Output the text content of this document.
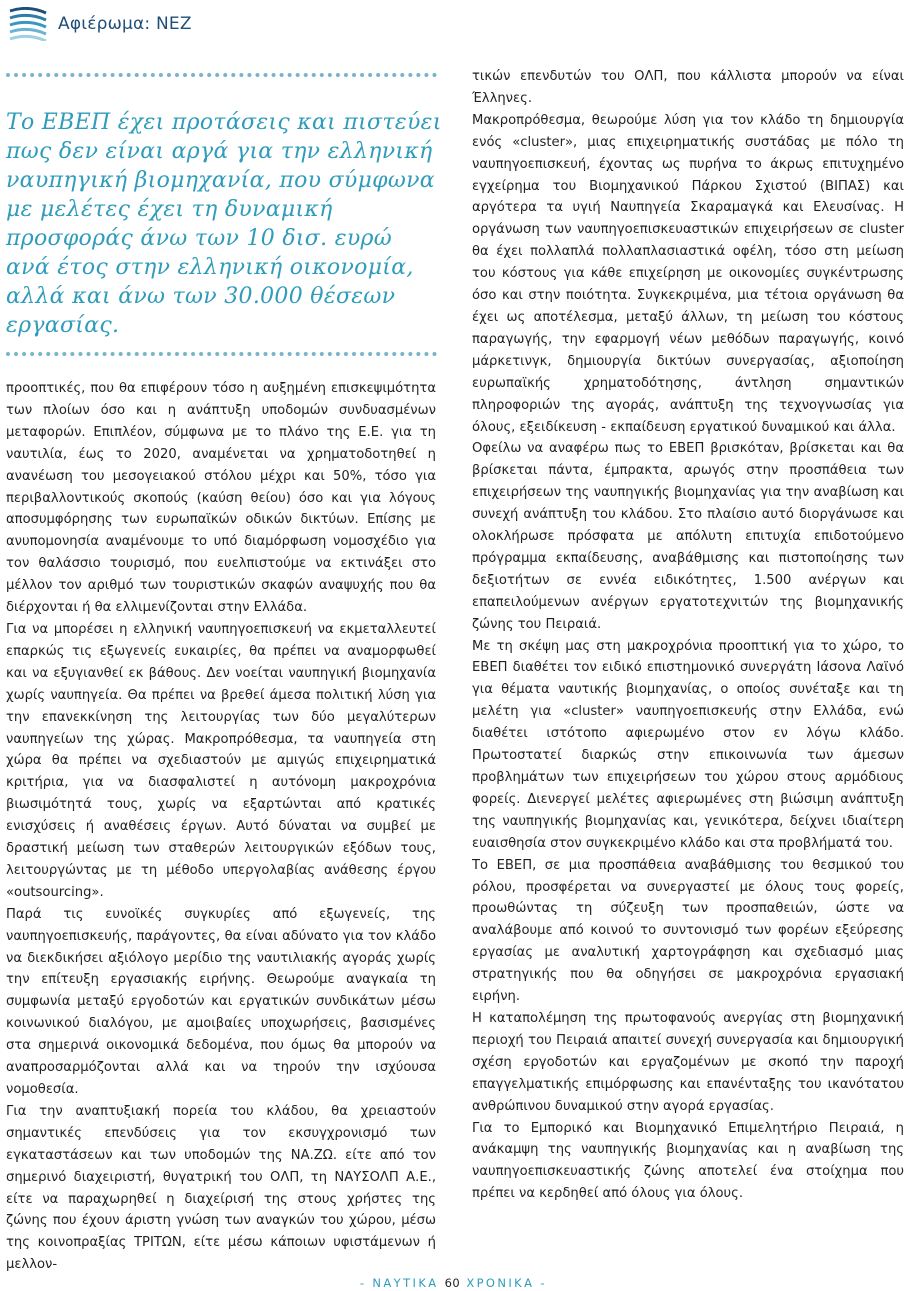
Αφιέρωμα: ΝΕΖ
Το ΕΒΕΠ έχει προτάσεις και πιστεύει πως δεν είναι αργά για την ελληνική ναυπηγική βιομηχανία, που σύμφωνα με μελέτες έχει τη δυναμική προσφοράς άνω των 10 δισ. ευρώ ανά έτος στην ελληνική οικονομία, αλλά και άνω των 30.000 θέσεων εργασίας.

προοπτικές, που θα επιφέρουν τόσο η αυξημένη επισκεψιμότητα των πλοίων όσο και η ανάπτυξη υποδομών συνδυασμένων μεταφορών. Επιπλέον, σύμφωνα με το πλάνο της Ε.Ε. για τη ναυτιλία, έως το 2020, αναμένεται να χρηματοδοτηθεί η ανανέωση του μεσογειακού στόλου μέχρι και 50%, τόσο για περιβαλλοντικούς σκοπούς (καύση θείου) όσο και για λόγους αποσυμφόρησης των ευρωπαϊκών οδικών δικτύων. Επίσης με ανυπομονησία αναμένουμε το υπό διαμόρφωση νομοσχέδιο για τον θαλάσσιο τουρισμό, που ευελπιστούμε να εκτινάξει στο μέλλον τον αριθμό των τουριστικών σκαφών αναψυχής που θα διέρχονται ή θα ελλιμενίζονται στην Ελλάδα.

Για να μπορέσει η ελληνική ναυπηγοεπισκευή να εκμεταλλευτεί επαρκώς τις εξωγενείς ευκαιρίες, θα πρέπει να αναμορφωθεί και να εξυγιανθεί εκ βάθους. Δεν νοείται ναυπηγική βιομηχανία χωρίς ναυπηγεία. Θα πρέπει να βρεθεί άμεσα πολιτική λύση για την επανεκκίνηση της λειτουργίας των δύο μεγαλύτερων ναυπηγείων της χώρας. Μακροπρόθεσμα, τα ναυπηγεία στη χώρα θα πρέπει να σχεδιαστούν με αμιγώς επιχειρηματικά κριτήρια, για να διασφαλιστεί η αυτόνομη μακροχρόνια βιωσιμότητά τους, χωρίς να εξαρτώνται από κρατικές ενισχύσεις ή αναθέσεις έργων. Αυτό δύναται να συμβεί με δραστική μείωση των σταθερών λειτουργικών εξόδων τους, λειτουργώντας με τη μέθοδο υπεργολαβίας ανάθεσης έργου «outsourcing».

Παρά τις ευνοϊκές συγκυρίες από εξωγενείς, της ναυπηγοεπισκευής, παράγοντες, θα είναι αδύνατο για τον κλάδο να διεκδικήσει αξιόλογο μερίδιο της ναυτιλιακής αγοράς χωρίς την επίτευξη εργασιακής ειρήνης. Θεωρούμε αναγκαία τη συμφωνία μεταξύ εργοδοτών και εργατικών συνδικάτων μέσω κοινωνικού διαλόγου, με αμοιβαίες υποχωρήσεις, βασισμένες στα σημερινά οικονομικά δεδομένα, που όμως θα μπορούν να αναπροσαρμόζονται αλλά και να τηρούν την ισχύουσα νομοθεσία.

Για την αναπτυξιακή πορεία του κλάδου, θα χρειαστούν σημαντικές επενδύσεις για τον εκσυγχρονισμό των εγκαταστάσεων και των υποδομών της ΝΑ.ΖΩ. είτε από τον σημερινό διαχειριστή, θυγατρική του ΟΛΠ, τη ΝΑΥΣΟΛΠ Α.Ε., είτε να παραχωρηθεί η διαχείρισή της στους χρήστες της ζώνης που έχουν άριστη γνώση των αναγκών του χώρου, μέσω της κοινοπραξίας ΤΡΙΤΩΝ, είτε μέσω κάποιων υφιστάμενων ή μελλον-

τικών επενδυτών του ΟΛΠ, που κάλλιστα μπορούν να είναι Έλληνες.

Μακροπρόθεσμα, θεωρούμε λύση για τον κλάδο τη δημιουργία ενός «cluster», μιας επιχειρηματικής συστάδας με πόλο τη ναυπηγοεπισκευή, έχοντας ως πυρήνα το άκρως επιτυχημένο εγχείρημα του Βιομηχανικού Πάρκου Σχιστού (ΒΙΠΑΣ) και αργότερα τα υγιή Ναυπηγεία Σκαραμαγκά και Ελευσίνας. Η οργάνωση των ναυπηγοεπισκευαστικών επιχειρήσεων σε cluster θα έχει πολλαπλά πολλαπλασιαστικά οφέλη, τόσο στη μείωση του κόστους για κάθε επιχείρηση με οικονομίες συγκέντρωσης όσο και στην ποιότητα. Συγκεκριμένα, μια τέτοια οργάνωση θα έχει ως αποτέλεσμα, μεταξύ άλλων, τη μείωση του κόστους παραγωγής, την εφαρμογή νέων μεθόδων παραγωγής, κοινό μάρκετινγκ, δημιουργία δικτύων συνεργασίας, αξιοποίηση ευρωπαϊκής χρηματοδότησης, άντληση σημαντικών πληροφοριών της αγοράς, ανάπτυξη της τεχνογνωσίας για όλους, εξειδίκευση - εκπαίδευση εργατικού δυναμικού και άλλα.

Οφείλω να αναφέρω πως το ΕΒΕΠ βρισκόταν, βρίσκεται και θα βρίσκεται πάντα, έμπρακτα, αρωγός στην προσπάθεια των επιχειρήσεων της ναυπηγικής βιομηχανίας για την αναβίωση και συνεχή ανάπτυξη του κλάδου. Στο πλαίσιο αυτό διοργάνωσε και ολοκλήρωσε πρόσφατα με απόλυτη επιτυχία επιδοτούμενο πρόγραμμα εκπαίδευσης, αναβάθμισης και πιστοποίησης των δεξιοτήτων σε εννέα ειδικότητες, 1.500 ανέργων και επαπειλούμενων ανέργων εργατοτεχνιτών της βιομηχανικής ζώνης του Πειραιά.

Με τη σκέψη μας στη μακροχρόνια προοπτική για το χώρο, το ΕΒΕΠ διαθέτει τον ειδικό επιστημονικό συνεργάτη Ιάσονα Λαϊνό για θέματα ναυτικής βιομηχανίας, ο οποίος συνέταξε και τη μελέτη για «cluster» ναυπηγοεπισκευής στην Ελλάδα, ενώ διαθέτει ιστότοπο αφιερωμένο στον εν λόγω κλάδο. Πρωτοστατεί διαρκώς στην επικοινωνία των άμεσων προβλημάτων των επιχειρήσεων του χώρου στους αρμόδιους φορείς. Διενεργεί μελέτες αφιερωμένες στη βιώσιμη ανάπτυξη της ναυπηγικής βιομηχανίας και, γενικότερα, δείχνει ιδιαίτερη ευαισθησία στον συγκεκριμένο κλάδο και στα προβλήματά του.

Το ΕΒΕΠ, σε μια προσπάθεια αναβάθμισης του θεσμικού του ρόλου, προσφέρεται να συνεργαστεί με όλους τους φορείς, προωθώντας τη σύζευξη των προσπαθειών, ώστε να αναλάβουμε από κοινού το συντονισμό των φορέων εξεύρεσης εργασίας με αναλυτική χαρτογράφηση και σχεδιασμό μιας στρατηγικής που θα οδηγήσει σε μακροχρόνια εργασιακή ειρήνη.

Η καταπολέμηση της πρωτοφανούς ανεργίας στη βιομηχανική περιοχή του Πειραιά απαιτεί συνεχή συνεργασία και δημιουργική σχέση εργοδοτών και εργαζομένων με σκοπό την παροχή επαγγελματικής επιμόρφωσης και επανένταξης του ικανότατου ανθρώπινου δυναμικού στην αγορά εργασίας.

Για το Εμπορικό και Βιομηχανικό Επιμελητήριο Πειραιά, η ανάκαμψη της ναυπηγικής βιομηχανίας και η αναβίωση της ναυπηγοεπισκευαστικής ζώνης αποτελεί ένα στοίχημα που πρέπει να κερδηθεί από όλους για όλους.

- ΝΑΥΤΙΚΑ 60 ΧΡΟΝΙΚΑ -
